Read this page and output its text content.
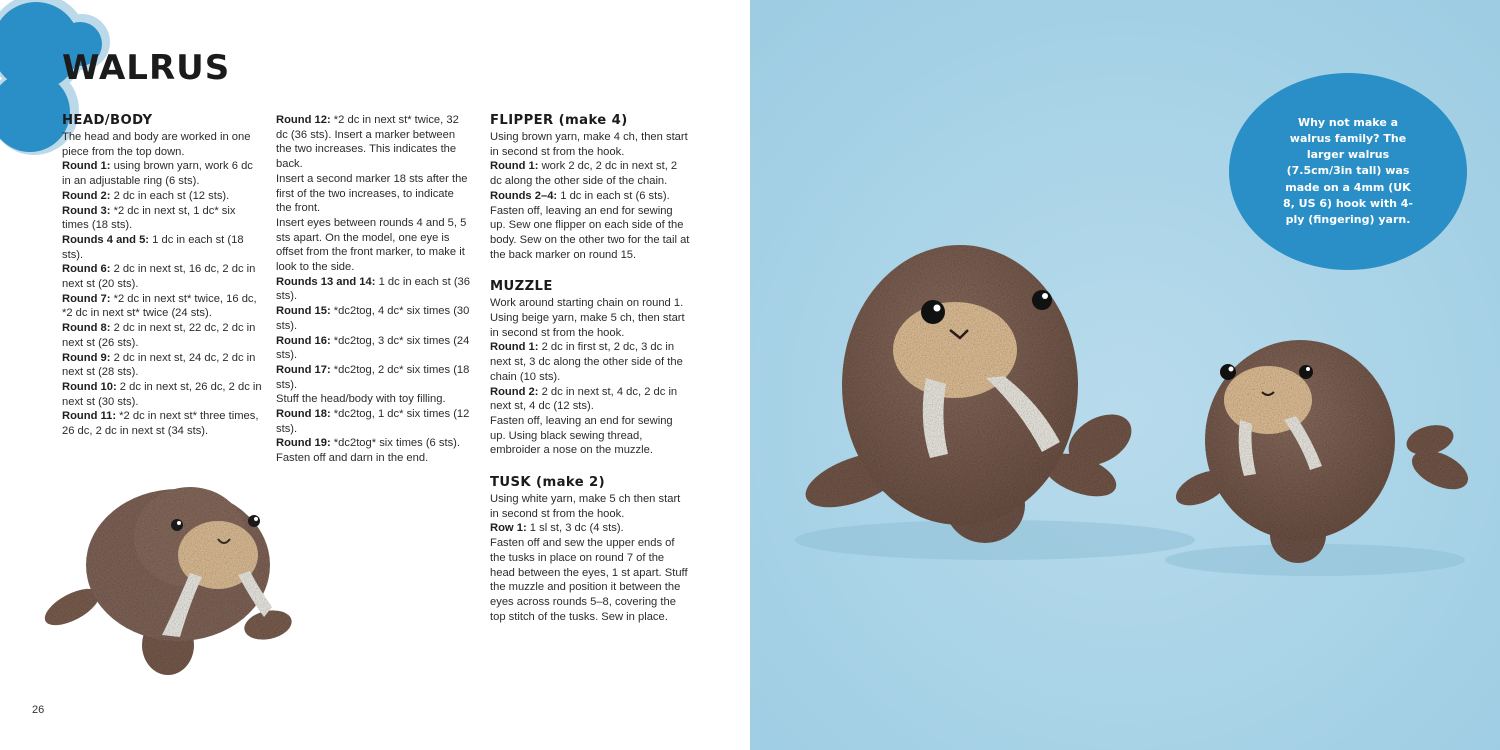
WALRUS
HEAD/BODY

The head and body are worked in one piece from the top down.

Round 1: using brown yarn, work 6 dc in an adjustable ring (6 sts).

Round 2: 2 dc in each st (12 sts).

Round 3: *2 dc in next st, 1 dc* six times (18 sts).

Rounds 4 and 5: 1 dc in each st (18 sts).

Round 6: 2 dc in next st, 16 dc, 2 dc in next st (20 sts).

Round 7: *2 dc in next st* twice, 16 dc, *2 dc in next st* twice (24 sts).

Round 8: 2 dc in next st, 22 dc, 2 dc in next st (26 sts).

Round 9: 2 dc in next st, 24 dc, 2 dc in next st (28 sts).

Round 10: 2 dc in next st, 26 dc, 2 dc in next st (30 sts).

Round 11: *2 dc in next st* three times, 26 dc, 2 dc in next st (34 sts).

Round 12: *2 dc in next st* twice, 32 dc (36 sts). Insert a marker between the two increases. This indicates the back.

Insert a second marker 18 sts after the first of the two increases, to indicate the front.

Insert eyes between rounds 4 and 5, 5 sts apart. On the model, one eye is offset from the front marker, to make it look to the side.

Rounds 13 and 14: 1 dc in each st (36 sts).

Round 15: *dc2tog, 4 dc* six times (30 sts).

Round 16: *dc2tog, 3 dc* six times (24 sts).

Round 17: *dc2tog, 2 dc* six times (18 sts).

Stuff the head/body with toy filling.

Round 18: *dc2tog, 1 dc* six times (12 sts).

Round 19: *dc2tog* six times (6 sts).

Fasten off and darn in the end.

FLIPPER (make 4)

Using brown yarn, make 4 ch, then start in second st from the hook.

Round 1: work 2 dc, 2 dc in next st, 2 dc along the other side of the chain.

Rounds 2–4: 1 dc in each st (6 sts).

Fasten off, leaving an end for sewing up. Sew one flipper on each side of the body. Sew on the other two for the tail at the back marker on round 15.

MUZZLE

Work around starting chain on round 1. Using beige yarn, make 5 ch, then start in second st from the hook.

Round 1: 2 dc in first st, 2 dc, 3 dc in next st, 3 dc along the other side of the chain (10 sts).

Round 2: 2 dc in next st, 4 dc, 2 dc in next st, 4 dc (12 sts).

Fasten off, leaving an end for sewing up. Using black sewing thread, embroider a nose on the muzzle.

TUSK (make 2)

Using white yarn, make 5 ch then start in second st from the hook.

Row 1: 1 sl st, 3 dc (4 sts).

Fasten off and sew the upper ends of the tusks in place on round 7 of the head between the eyes, 1 st apart. Stuff the muzzle and position it between the eyes across rounds 5–8, covering the top stitch of the tusks. Sew in place.

26
Why not make a walrus family? The larger walrus (7.5cm/3in tall) was made on a 4mm (UK 8, US 6) hook with 4-ply (fingering) yarn.
